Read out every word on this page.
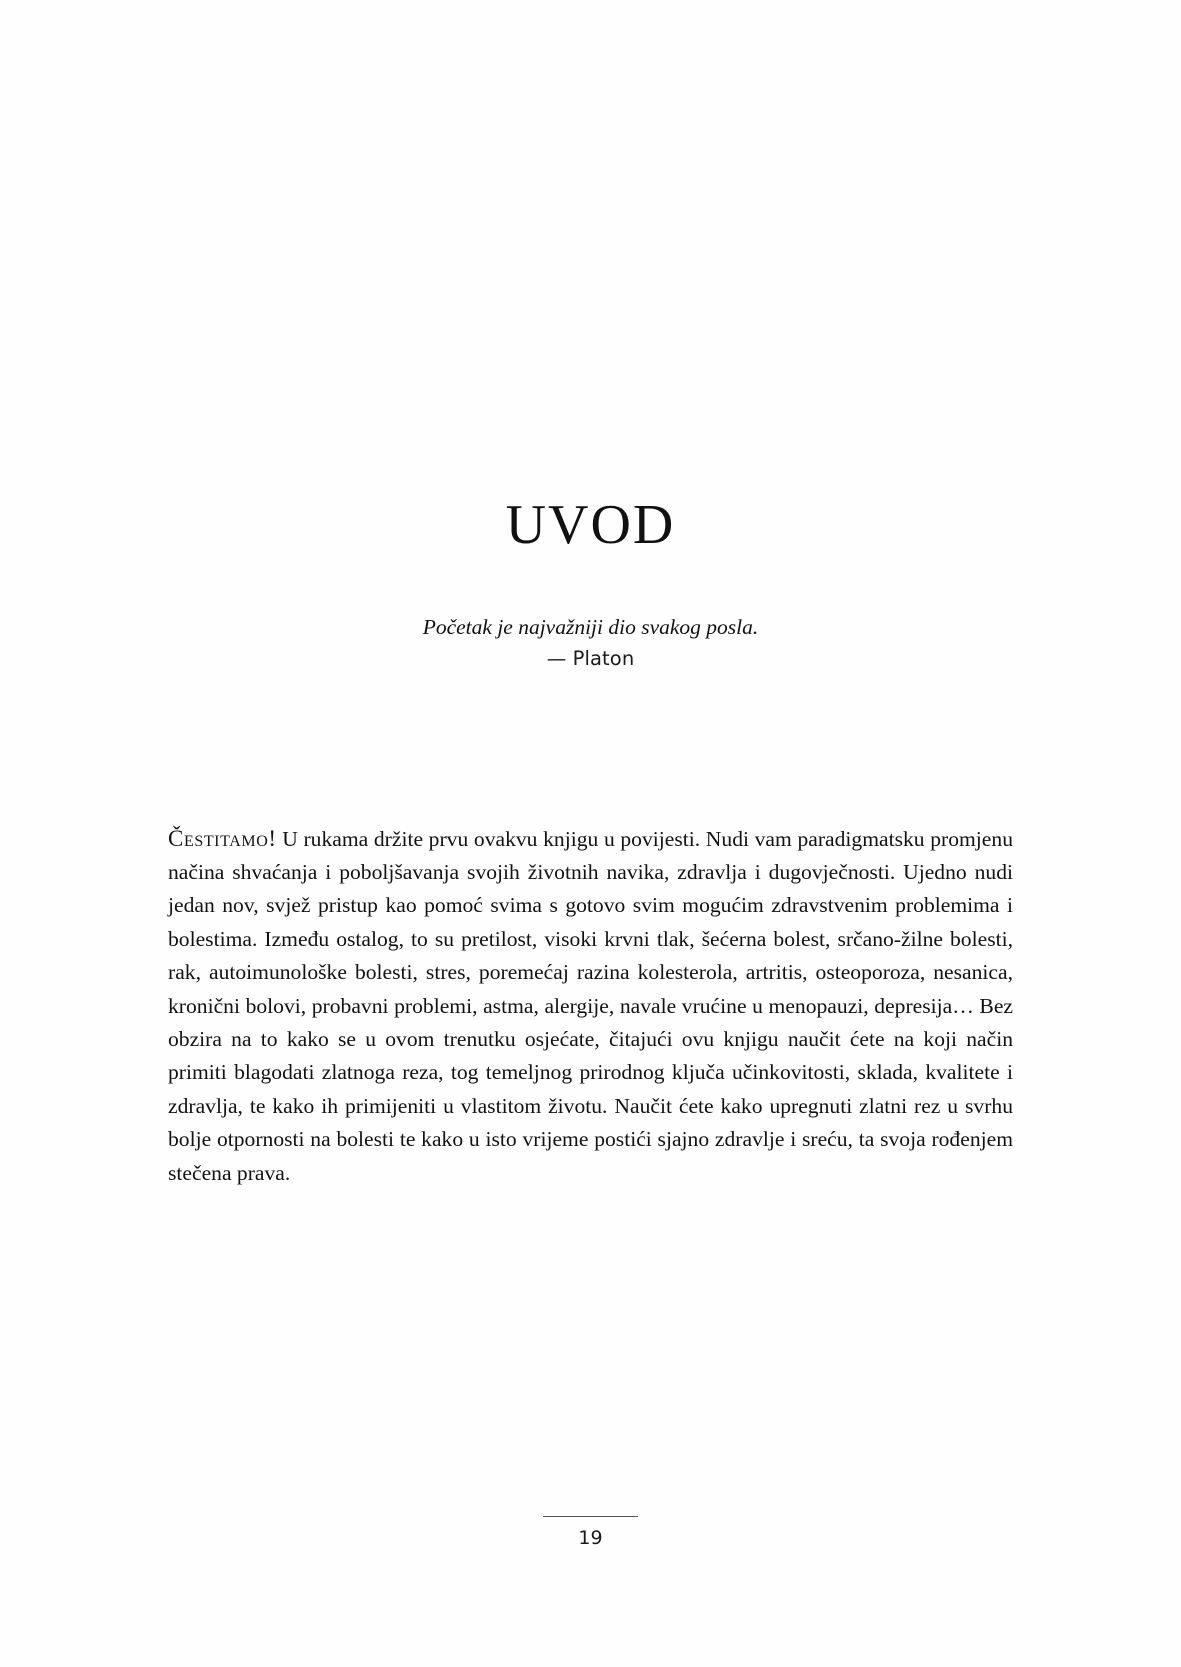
UVOD
Početak je najvažniji dio svakog posla.
— Platon

Čestitamo! U rukama držite prvu ovakvu knjigu u povijesti. Nudi vam paradigmatsku promjenu načina shvaćanja i poboljšavanja svojih životnih navika, zdravlja i dugovječnosti. Ujedno nudi jedan nov, svjež pristup kao pomoć svima s gotovo svim mogućim zdravstvenim problemima i bolestima. Između ostalog, to su pretilost, visoki krvni tlak, šećerna bolest, srčano-žilne bolesti, rak, autoimunološke bolesti, stres, poremećaj razina kolesterola, artritis, osteoporoza, nesanica, kronični bolovi, probavni problemi, astma, alergije, navale vrućine u menopauzi, depresija… Bez obzira na to kako se u ovom trenutku osjećate, čitajući ovu knjigu naučit ćete na koji način primiti blagodati zlatnoga reza, tog temeljnog prirodnog ključa učinkovitosti, sklada, kvalitete i zdravlja, te kako ih primijeniti u vlastitom životu. Naučit ćete kako upregnuti zlatni rez u svrhu bolje otpornosti na bolesti te kako u isto vrijeme postići sjajno zdravlje i sreću, ta svoja rođenjem stečena prava.

19
